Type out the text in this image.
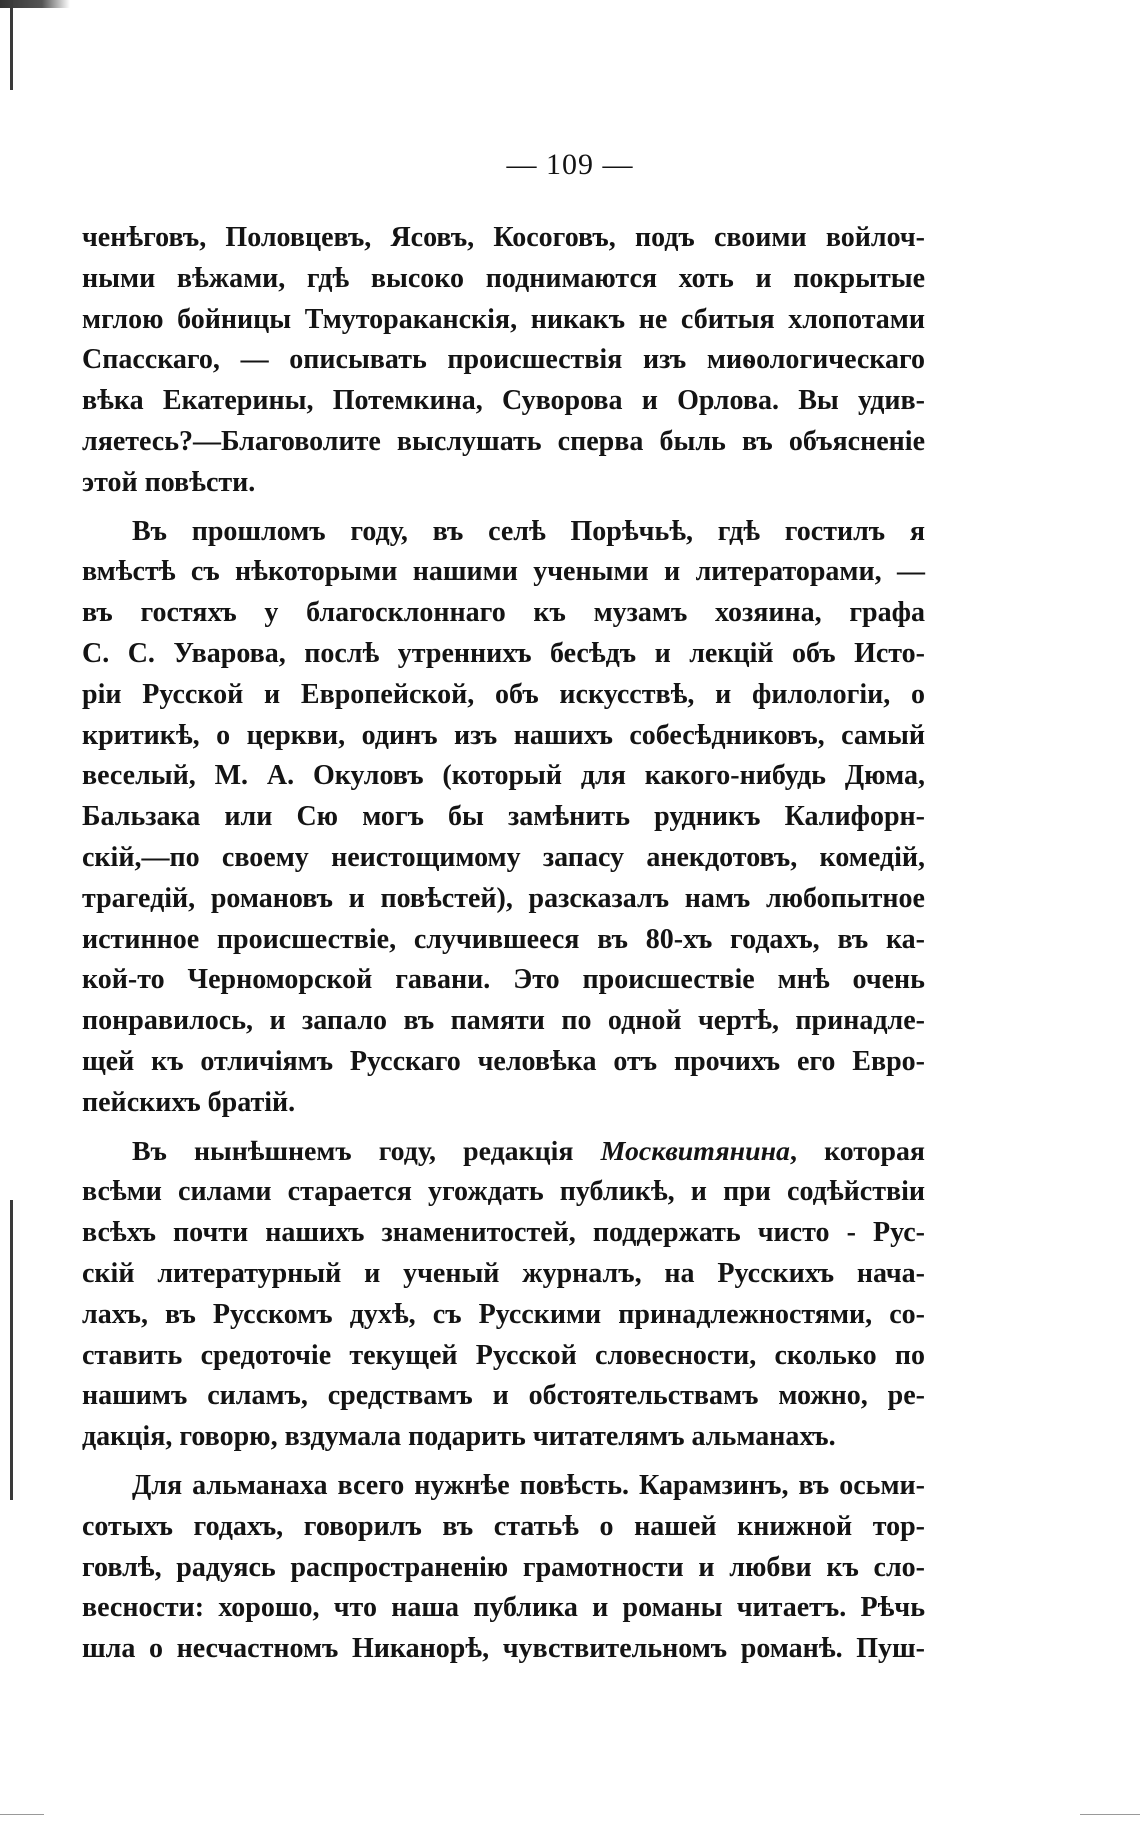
— 109 —
ченѣговъ, Половцевъ, Ясовъ, Косоговъ, подъ своими войлоч-
ными вѣжами, гдѣ высоко поднимаются хоть и покрытые
мглою бойницы Тмутораканскія, никакъ не сбитыя хлопотами
Спасскаго, — описывать происшествія изъ миѳологическаго
вѣка Екатерины, Потемкина, Суворова и Орлова. Вы удив-
ляетесь?—Благоволите выслушать сперва быль въ объясненіе
этой повѣсти.
Въ прошломъ году, въ селѣ Порѣчьѣ, гдѣ гостилъ я
вмѣстѣ съ нѣкоторыми нашими учеными и литераторами, —
въ гостяхъ у благосклоннаго къ музамъ хозяина, графа
С. С. Уварова, послѣ утреннихъ бесѣдъ и лекцій объ Исто-
ріи Русской и Европейской, объ искусствѣ, и филологіи, о
критикѣ, о церкви, одинъ изъ нашихъ собесѣдниковъ, самый
веселый, М. А. Окуловъ (который для какого-нибудь Дюма,
Бальзака или Сю могъ бы замѣнить рудникъ Калифорн-
скій,—по своему неистощимому запасу анекдотовъ, комедій,
трагедій, романовъ и повѣстей), разсказалъ намъ любопытное
истинное происшествіе, случившееся въ 80-хъ годахъ, въ ка-
кой-то Черноморской гавани. Это происшествіе мнѣ очень
понравилось, и запало въ памяти по одной чертѣ, принадле-
щей къ отличіямъ Русскаго человѣка отъ прочихъ его Евро-
пейскихъ братій.
Въ нынѣшнемъ году, редакція Москвитянина, которая
всѣми силами старается угождать публикѣ, и при содѣйствіи
всѣхъ почти нашихъ знаменитостей, поддержать чисто - Рус-
скій литературный и ученый журналъ, на Русскихъ нача-
лахъ, въ Русскомъ духѣ, съ Русскими принадлежностями, со-
ставить средоточіе текущей Русской словесности, сколько по
нашимъ силамъ, средствамъ и обстоятельствамъ можно, ре-
дакція, говорю, вздумала подарить читателямъ альманахъ.
Для альманаха всего нужнѣе повѣсть. Карамзинъ, въ осьми-
сотыхъ годахъ, говорилъ въ статьѣ о нашей книжной тор-
говлѣ, радуясь распространенію грамотности и любви къ сло-
весности: хорошо, что наша публика и романы читаетъ. Рѣчь
шла о несчастномъ Никанорѣ, чувствительномъ романѣ. Пуш-
